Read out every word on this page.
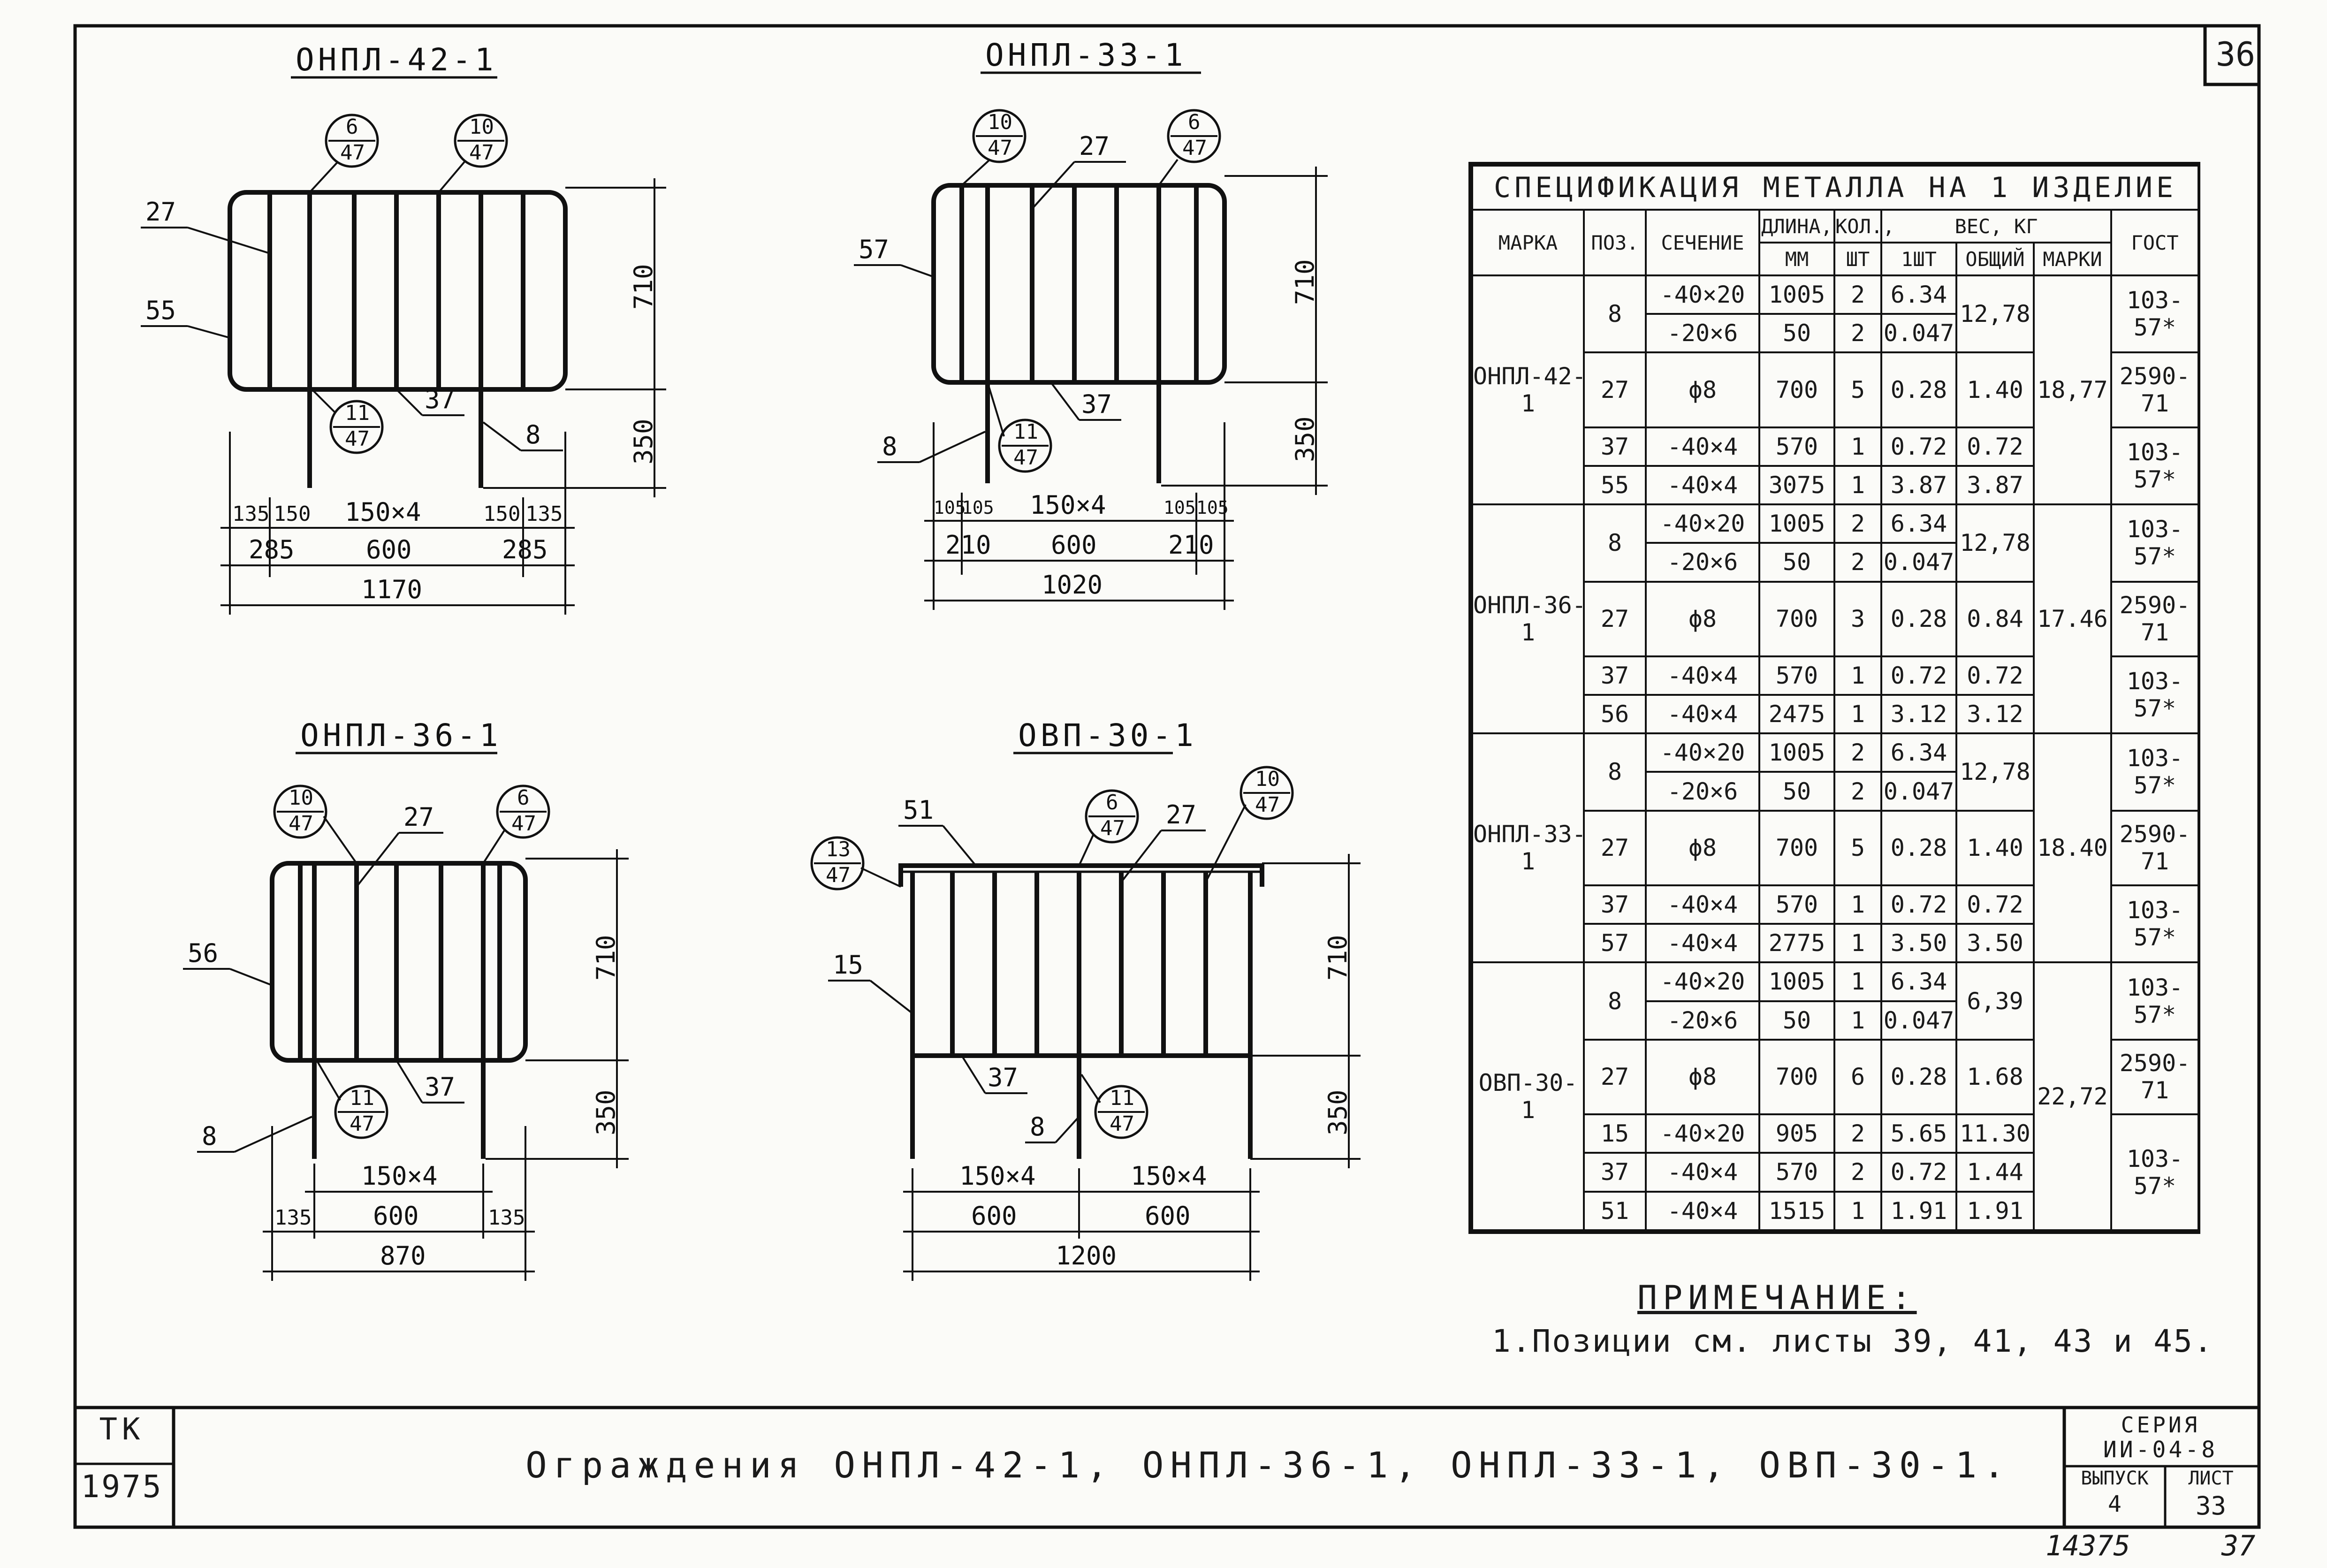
ОНПЛ-42-1
710
350
6
47
10
47
11
47
27
55
37
8
135 150 150×4	150 135
285	600	285
1170
ОНПЛ-33-1
710
350
10
47
6
47
11
47
27
57
37
8
105
105 150×4	105 105
210 600	210
1020
ОНПЛ-36-1
710
350
10
47
6
47
11
47
27
56
37
8
150×4
135 600	135
870
ОВП-30-1
710
350
13
47
6
47
10
47
11
47
51	27
15
37
8
150×4	150×4
600	600
1200
36
СПЕЦИФИКАЦИЯ МЕТАЛЛА НА 1 ИЗДЕЛИЕ								
МАРКА	ПОЗ.	СЕЧЕНИЕ	ДЛИНА,	КОЛ.,	ВЕС, КГ			ГОСТ
			ММ	ШТ	1ШТ	ОБЩИЙ	МАРКИ	
ОНПЛ-42-1	8	-40×20	1005	2	6.34	12,78	18,77	103-57*
		-20×6	50	2	0.047			
	27	ϕ8	700	5	0.28	1.40		2590-71
	37	-40×4	570	1	0.72	0.72		103-57*
	55	-40×4	3075	1	3.87	3.87		
ОНПЛ-36-1	8	-40×20	1005	2	6.34	12,78	17.46	103-57*
		-20×6	50	2	0.047			
	27	ϕ8	700	3	0.28	0.84		2590-71
	37	-40×4	570	1	0.72	0.72		103-57*
	56	-40×4	2475	1	3.12	3.12		
ОНПЛ-33-1	8	-40×20	1005	2	6.34	12,78	18.40	103-57*
		-20×6	50	2	0.047			
	27	ϕ8	700	5	0.28	1.40		2590-71
	37	-40×4	570	1	0.72	0.72		103-57*
	57	-40×4	2775	1	3.50	3.50		
ОВП-30-1	8	-40×20	1005	1	6.34	6,39	22,72	103-57*
		-20×6	50	1	0.047			
	27	ϕ8	700	6	0.28	1.68		2590-71
	15	-40×20	905	2	5.65	11.30		103-57*
	37	-40×4	570	2	0.72	1.44		
	51	-40×4	1515	1	1.91	1.91		
ПРИМЕЧАНИЕ:
1.Позиции см. листы 39, 41, 43 и 45.
ТК
1975
Ограждения ОНПЛ-42-1, ОНПЛ-36-1, ОНПЛ-33-1, ОВП-30-1.
СЕРИЯ
ИИ-04-8
ВЫПУСК
4
ЛИСТ
33
14375	37
